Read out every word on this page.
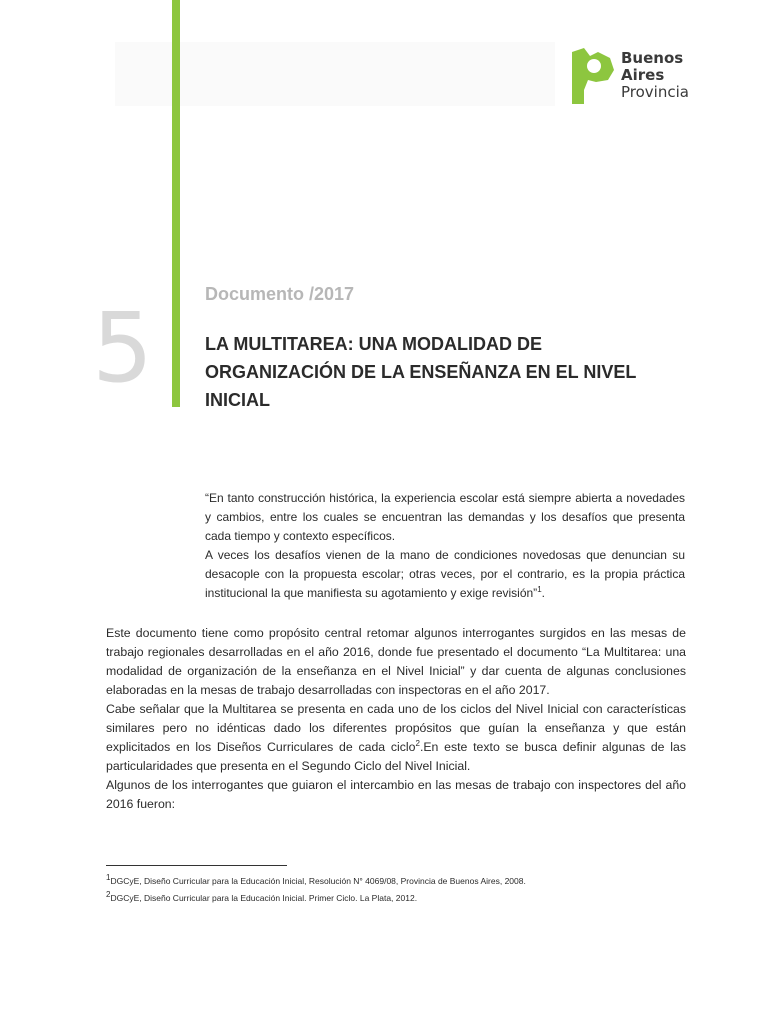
Buenos
Aires
Provincia
5	Documento /2017
LA MULTITAREA: UNA MODALIDAD DE ORGANIZACIÓN DE LA ENSEÑANZA EN EL NIVEL INICIAL

“En tanto construcción histórica, la experiencia escolar está siempre abierta a novedades y cambios, entre los cuales se encuentran las demandas y los desafíos que presenta cada tiempo y contexto específicos.

A veces los desafíos vienen de la mano de condiciones novedosas que denuncian su desacople con la propuesta escolar; otras veces, por el contrario, es la propia práctica institucional la que manifiesta su agotamiento y exige revisión”$^1$.

Este documento tiene como propósito central retomar algunos interrogantes surgidos en las mesas de trabajo regionales desarrolladas en el año 2016, donde fue presentado el documento “La Multitarea: una modalidad de organización de la enseñanza en el Nivel Inicial” y dar cuenta de algunas conclusiones elaboradas en la mesas de trabajo desarrolladas con inspectoras en el año 2017.

Cabe señalar que la Multitarea se presenta en cada uno de los ciclos del Nivel Inicial con características similares pero no idénticas dado los diferentes propósitos que guían la enseñanza y que están explicitados en los Diseños Curriculares de cada ciclo$^2$.En este texto se busca definir algunas de las particularidades que presenta en el Segundo Ciclo del Nivel Inicial.

Algunos de los interrogantes que guiaron el intercambio en las mesas de trabajo con inspectores del año 2016 fueron:

$^1$DGCyE, Diseño Curricular para la Educación Inicial, Resolución N° 4069/08, Provincia de Buenos Aires, 2008.
$^2$DGCyE, Diseño Curricular para la Educación Inicial. Primer Ciclo. La Plata, 2012.
